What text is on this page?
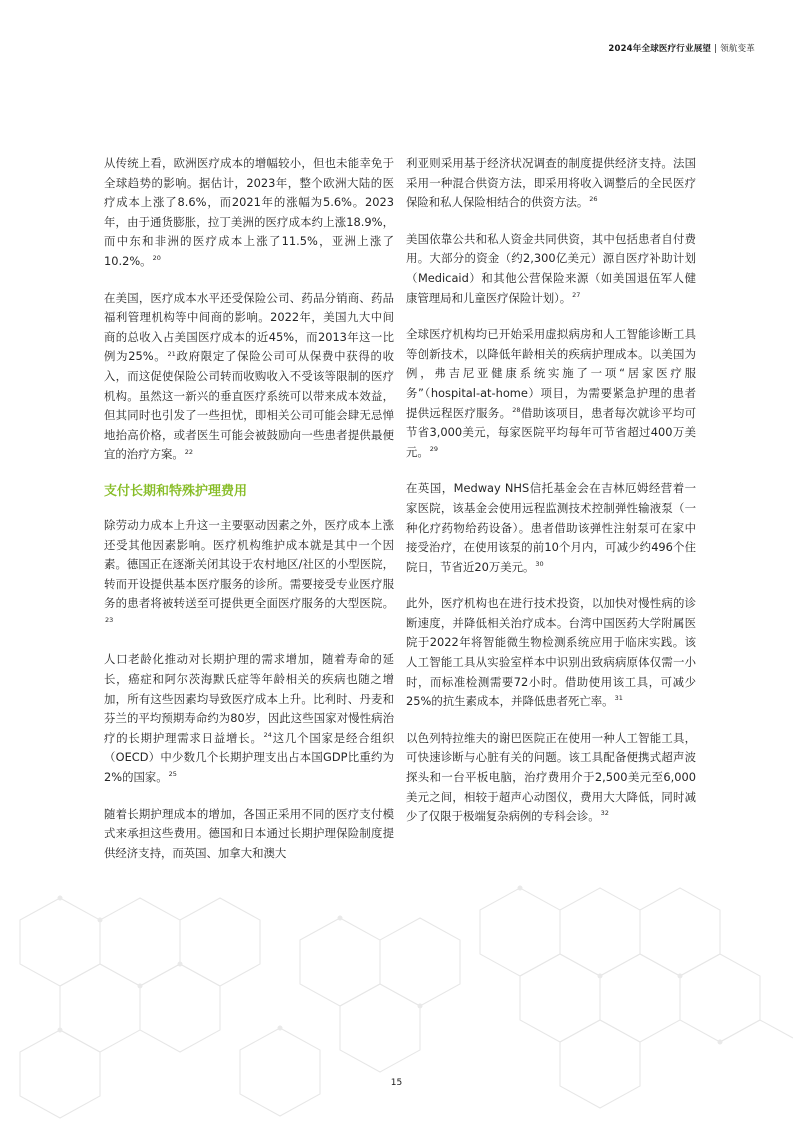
2024年全球医疗行业展望 | 领航变革

从传统上看，欧洲医疗成本的增幅较小，但也未能幸免于全球趋势的影响。据估计，2023年，整个欧洲大陆的医疗成本上涨了8.6%，而2021年的涨幅为5.6%。2023年，由于通货膨胀，拉丁美洲的医疗成本约上涨18.9%，而中东和非洲的医疗成本上涨了11.5%，亚洲上涨了10.2%。$^{20}$

在美国，医疗成本水平还受保险公司、药品分销商、药品福利管理机构等中间商的影响。2022年，美国九大中间商的总收入占美国医疗成本的近45%，而2013年这一比例为25%。$^{21}$政府限定了保险公司可从保费中获得的收入，而这促使保险公司转而收购收入不受该等限制的医疗机构。虽然这一新兴的垂直医疗系统可以带来成本效益，但其同时也引发了一些担忧，即相关公司可能会肆无忌惮地抬高价格，或者医生可能会被鼓励向一些患者提供最便宜的治疗方案。$^{22}$

支付长期和特殊护理费用

除劳动力成本上升这一主要驱动因素之外，医疗成本上涨还受其他因素影响。医疗机构维护成本就是其中一个因素。德国正在逐渐关闭其设于农村地区/社区的小型医院，转而开设提供基本医疗服务的诊所。需要接受专业医疗服务的患者将被转送至可提供更全面医疗服务的大型医院。$^{23}$

人口老龄化推动对长期护理的需求增加，随着寿命的延长，癌症和阿尔茨海默氏症等年龄相关的疾病也随之增加，所有这些因素均导致医疗成本上升。比利时、丹麦和芬兰的平均预期寿命约为80岁，因此这些国家对慢性病治疗的长期护理需求日益增长。$^{24}$这几个国家是经合组织（OECD）中少数几个长期护理支出占本国GDP比重约为2%的国家。$^{25}$

随着长期护理成本的增加，各国正采用不同的医疗支付模式来承担这些费用。德国和日本通过长期护理保险制度提供经济支持，而英国、加拿大和澳大

利亚则采用基于经济状况调查的制度提供经济支持。法国采用一种混合供资方法，即采用将收入调整后的全民医疗保险和私人保险相结合的供资方法。$^{26}$

美国依靠公共和私人资金共同供资，其中包括患者自付费用。大部分的资金（约2,300亿美元）源自医疗补助计划（Medicaid）和其他公营保险来源（如美国退伍军人健康管理局和儿童医疗保险计划）。$^{27}$

全球医疗机构均已开始采用虚拟病房和人工智能诊断工具等创新技术，以降低年龄相关的疾病护理成本。以美国为例，弗吉尼亚健康系统实施了一项“居家医疗服务”（hospital-at-home）项目，为需要紧急护理的患者提供远程医疗服务。$^{28}$借助该项目，患者每次就诊平均可节省3,000美元，每家医院平均每年可节省超过400万美元。$^{29}$

在英国，Medway NHS信托基金会在吉林厄姆经营着一家医院，该基金会使用远程监测技术控制弹性输液泵（一种化疗药物给药设备）。患者借助该弹性注射泵可在家中接受治疗，在使用该泵的前10个月内，可减少约496个住院日，节省近20万美元。$^{30}$

此外，医疗机构也在进行技术投资，以加快对慢性病的诊断速度，并降低相关治疗成本。台湾中国医药大学附属医院于2022年将智能微生物检测系统应用于临床实践。该人工智能工具从实验室样本中识别出致病病原体仅需一小时，而标准检测需要72小时。借助使用该工具，可减少25%的抗生素成本，并降低患者死亡率。$^{31}$

以色列特拉维夫的谢巴医院正在使用一种人工智能工具，可快速诊断与心脏有关的问题。该工具配备便携式超声波探头和一台平板电脑，治疗费用介于2,500美元至6,000美元之间，相较于超声心动图仪，费用大大降低，同时减少了仅限于极端复杂病例的专科会诊。$^{32}$

15
